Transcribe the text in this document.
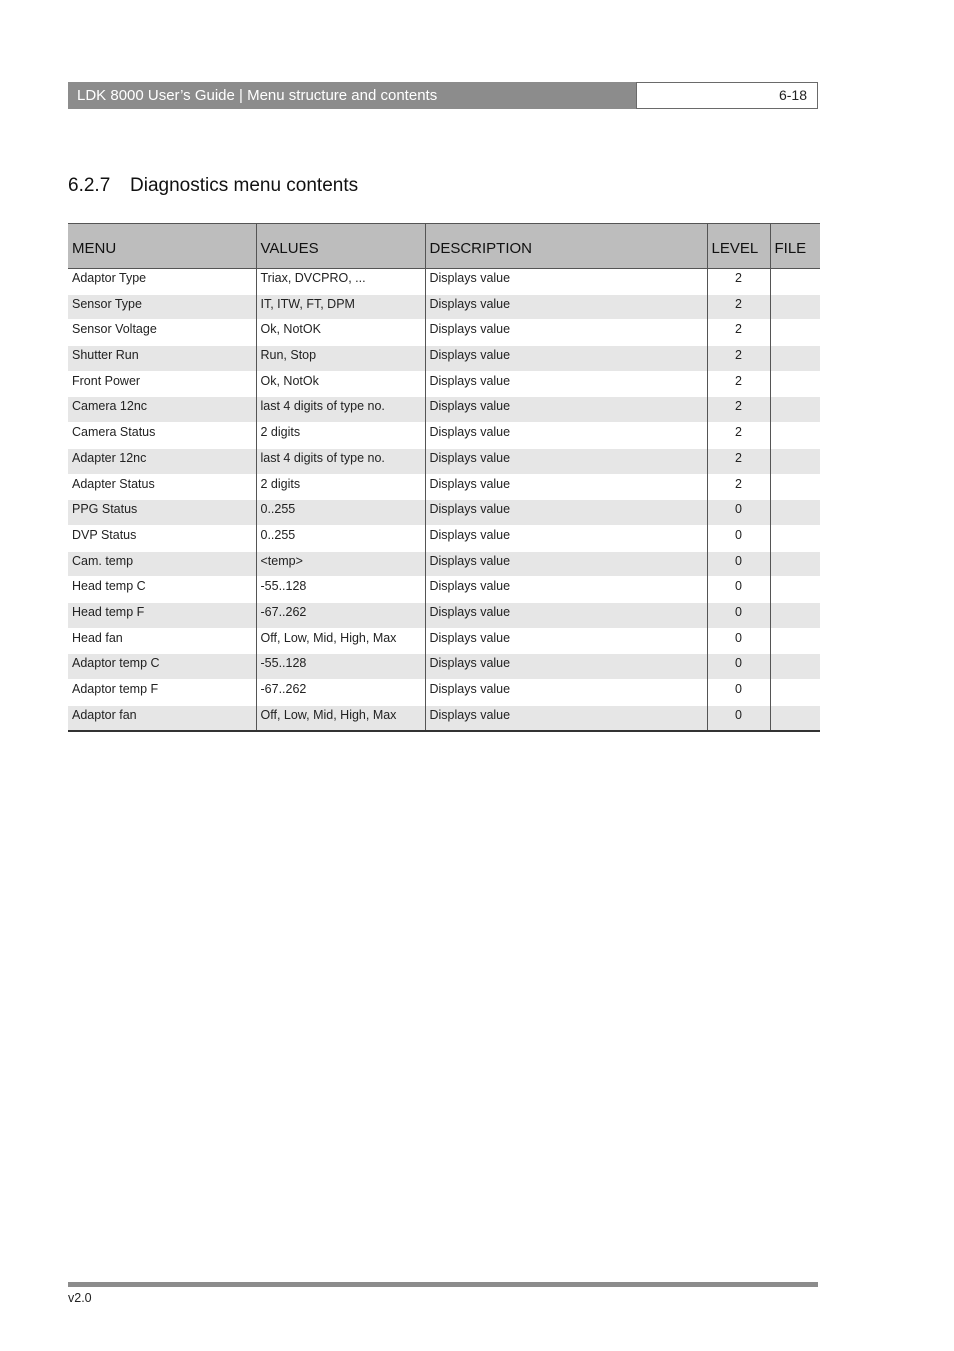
LDK 8000 User’s Guide | Menu structure and contents	6-18
6.2.7 Diagnostics menu contents
MENU	VALUES	DESCRIPTION	LEVEL	FILE
Adaptor Type	Triax, DVCPRO, ...	Displays value	2	
Sensor Type	IT, ITW, FT, DPM	Displays value	2	
Sensor Voltage	Ok, NotOK	Displays value	2	
Shutter Run	Run, Stop	Displays value	2	
Front Power	Ok, NotOk	Displays value	2	
Camera 12nc	last 4 digits of type no.	Displays value	2	
Camera Status	2 digits	Displays value	2	
Adapter 12nc	last 4 digits of type no.	Displays value	2	
Adapter Status	2 digits	Displays value	2	
PPG Status	0..255	Displays value	0	
DVP Status	0..255	Displays value	0	
Cam. temp	<temp>	Displays value	0	
Head temp C	-55..128	Displays value	0	
Head temp F	-67..262	Displays value	0	
Head fan	Off, Low, Mid, High, Max	Displays value	0	
Adaptor temp C	-55..128	Displays value	0	
Adaptor temp F	-67..262	Displays value	0	
Adaptor fan	Off, Low, Mid, High, Max	Displays value	0	
v2.0
